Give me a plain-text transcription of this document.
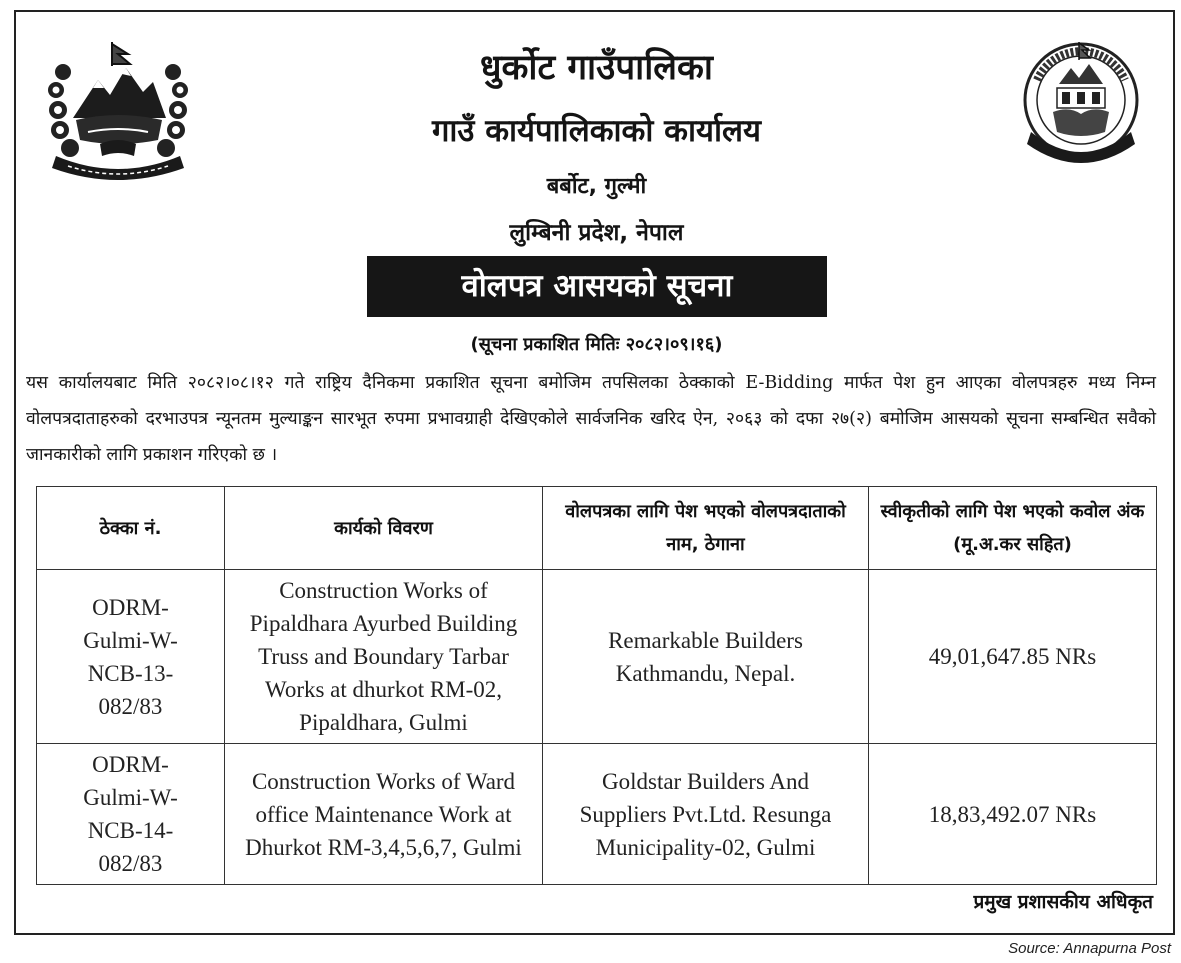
धुर्कोट गाउँपालिका
गाउँ कार्यपालिकाको कार्यालय
बर्बोट, गुल्मी
लुम्बिनी प्रदेश, नेपाल
वोलपत्र आसयको सूचना
(सूचना प्रकाशित मितिः २०८२।०९।१६)
यस कार्यालयबाट मिति २०८२।०८।१२ गते राष्ट्रिय दैनिकमा प्रकाशित सूचना बमोजिम तपसिलका ठेक्काको E-Bidding मार्फत पेश हुन आएका वोलपत्रहरु मध्य निम्न वोलपत्रदाताहरुको दरभाउपत्र न्यूनतम मुल्याङ्कन सारभूत रुपमा प्रभावग्राही देखिएकोले सार्वजनिक खरिद ऐन, २०६३ को दफा २७(२) बमोजिम आसयको सूचना सम्बन्धित सवैको जानकारीको लागि प्रकाशन गरिएको छ ।
ठेक्का नं.	कार्यको विवरण	वोलपत्रका लागि पेश भएको वोलपत्रदाताको नाम, ठेगाना	स्वीकृतीको लागि पेश भएको कवोल अंक (मू.अ.कर सहित)
ODRM-Gulmi-W-NCB-13-082/83	Construction Works of Pipaldhara Ayurbed Building Truss and Boundary Tarbar Works at dhurkot RM-02, Pipaldhara, Gulmi	Remarkable Builders Kathmandu, Nepal.	49,01,647.85 NRs
ODRM-Gulmi-W-NCB-14-082/83	Construction Works of Ward office Maintenance Work at Dhurkot RM-3,4,5,6,7, Gulmi	Goldstar Builders And Suppliers Pvt.Ltd. Resunga Municipality-02, Gulmi	18,83,492.07 NRs
प्रमुख प्रशासकीय अधिकृत
Source: Annapurna Post
